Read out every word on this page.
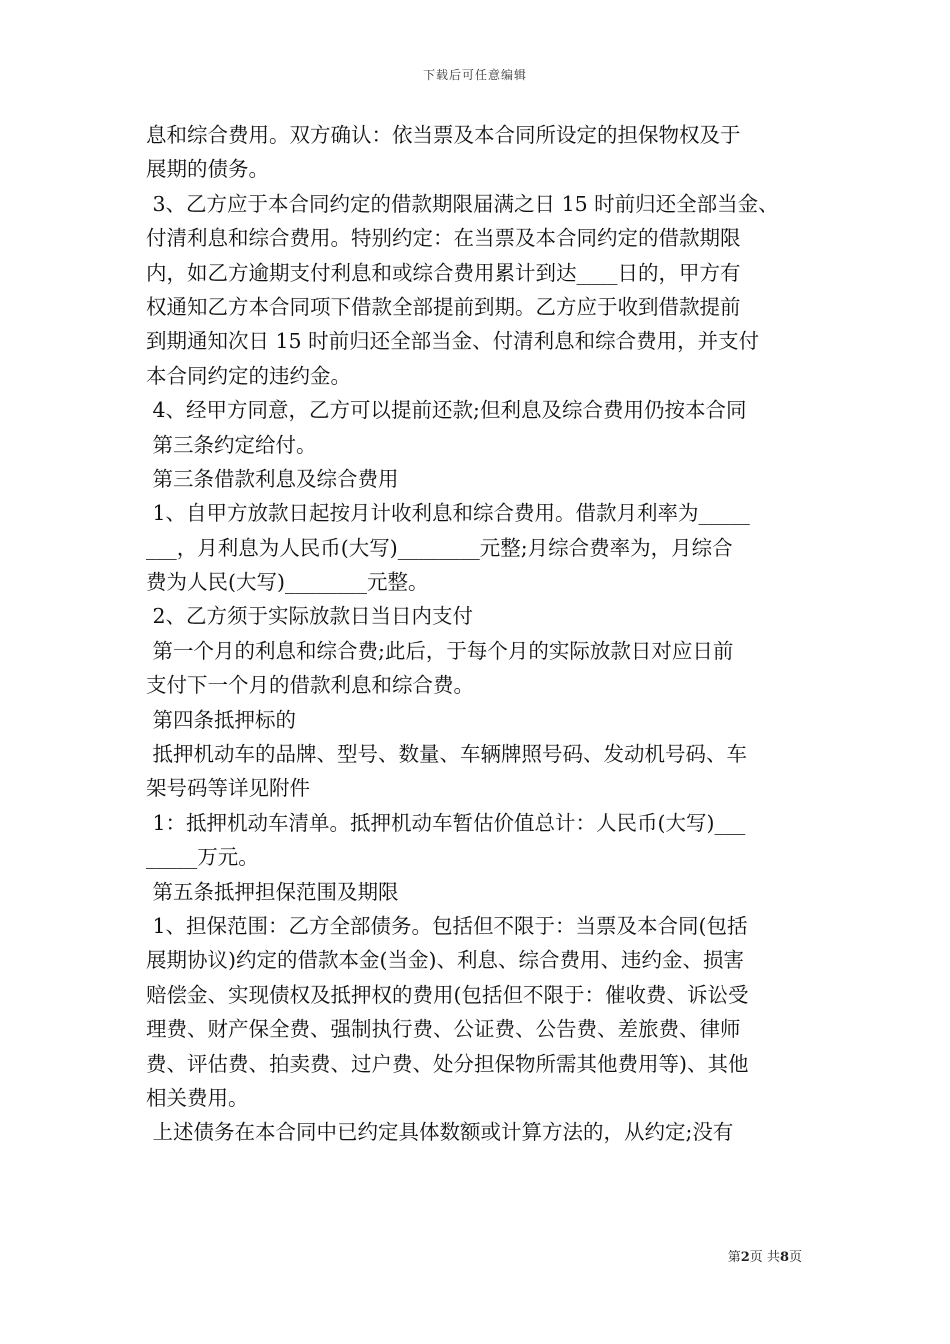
下载后可任意编辑
息和综合费用。双方确认：依当票及本合同所设定的担保物权及于
展期的债务。
3、乙方应于本合同约定的借款期限届满之日 15 时前归还全部当金、
付清利息和综合费用。特别约定：在当票及本合同约定的借款期限
内，如乙方逾期支付利息和或综合费用累计到达____日的，甲方有
权通知乙方本合同项下借款全部提前到期。乙方应于收到借款提前
到期通知次日 15 时前归还全部当金、付清利息和综合费用，并支付
本合同约定的违约金。
4、经甲方同意，乙方可以提前还款;但利息及综合费用仍按本合同
第三条约定给付。
第三条借款利息及综合费用
1、自甲方放款日起按月计收利息和综合费用。借款月利率为_____
___，月利息为人民币(大写)________元整;月综合费率为，月综合
费为人民(大写)________元整。
2、乙方须于实际放款日当日内支付
第一个月的利息和综合费;此后，于每个月的实际放款日对应日前
支付下一个月的借款利息和综合费。
第四条抵押标的
抵押机动车的品牌、型号、数量、车辆牌照号码、发动机号码、车
架号码等详见附件
1：抵押机动车清单。抵押机动车暂估价值总计：人民币(大写)___
_____万元。
第五条抵押担保范围及期限
1、担保范围：乙方全部债务。包括但不限于：当票及本合同(包括
展期协议)约定的借款本金(当金)、利息、综合费用、违约金、损害
赔偿金、实现债权及抵押权的费用(包括但不限于：催收费、诉讼受
理费、财产保全费、强制执行费、公证费、公告费、差旅费、律师
费、评估费、拍卖费、过户费、处分担保物所需其他费用等)、其他
相关费用。
上述债务在本合同中已约定具体数额或计算方法的，从约定;没有
第2页 共8页
